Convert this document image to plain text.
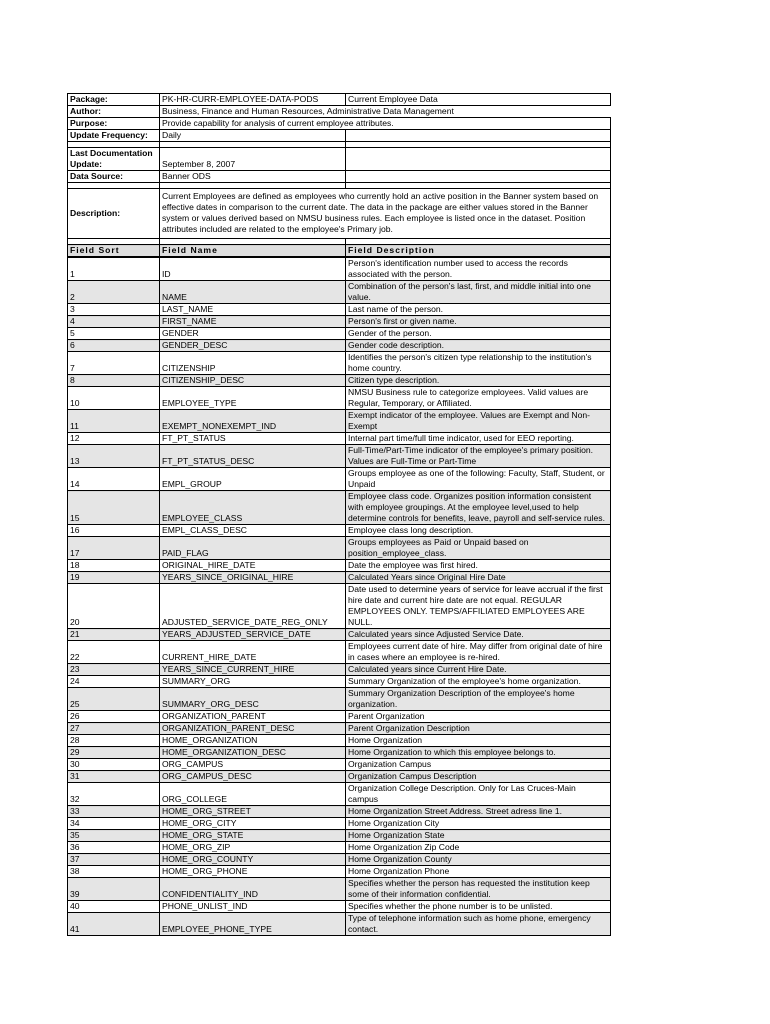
Package:	PK-HR-CURR-EMPLOYEE-DATA-PODS	Current Employee Data
Author:	Business, Finance and Human Resources, Administrative Data Management	
Purpose:	Provide capability for analysis of current employee attributes.	
Update Frequency:	Daily	

Last Documentation Update:	September 8, 2007	
Data Source:	Banner ODS	

Description:	Current Employees are defined as employees who currently hold an active position in the Banner system based on effective dates in comparison to the current date. The data in the package are either values stored in the Banner system or values derived based on NMSU business rules. Each employee is listed once in the dataset. Position attributes included are related to the employee's Primary job.	

Field Sort	Field Name	Field Description
1	ID	Person's identification number used to access the records associated with the person.
2	NAME	Combination of the person's last, first, and middle initial into one value.
3	LAST_NAME	Last name of the person.
4	FIRST_NAME	Person's first or given name.
5	GENDER	Gender of the person.
6	GENDER_DESC	Gender code description.
7	CITIZENSHIP	Identifies the person's citizen type relationship to the institution's home country.
8	CITIZENSHIP_DESC	Citizen type description.
10	EMPLOYEE_TYPE	NMSU Business rule to categorize employees. Valid values are Regular, Temporary, or Affiliated.
11	EXEMPT_NONEXEMPT_IND	Exempt indicator of the employee. Values are Exempt and Non-Exempt
12	FT_PT_STATUS	Internal part time/full time indicator, used for EEO reporting.
13	FT_PT_STATUS_DESC	Full-Time/Part-Time indicator of the employee's primary position. Values are Full-Time or Part-Time
14	EMPL_GROUP	Groups employee as one of the following: Faculty, Staff, Student, or Unpaid
15	EMPLOYEE_CLASS	Employee class code. Organizes position information consistent with employee groupings. At the employee level,used to help determine controls for benefits, leave, payroll and self-service rules.
16	EMPL_CLASS_DESC	Employee class long description.
17	PAID_FLAG	Groups employees as Paid or Unpaid based on position_employee_class.
18	ORIGINAL_HIRE_DATE	Date the employee was first hired.
19	YEARS_SINCE_ORIGINAL_HIRE	Calculated Years since Original Hire Date
20	ADJUSTED_SERVICE_DATE_REG_ONLY	Date used to determine years of service for leave accrual if the first hire date and current hire date are not equal. REGULAR EMPLOYEES ONLY. TEMPS/AFFILIATED EMPLOYEES ARE NULL.
21	YEARS_ADJUSTED_SERVICE_DATE	Calculated years since Adjusted Service Date.
22	CURRENT_HIRE_DATE	Employees current date of hire. May differ from original date of hire in cases where an employee is re-hired.
23	YEARS_SINCE_CURRENT_HIRE	Calculated years since Current Hire Date.
24	SUMMARY_ORG	Summary Organization of the employee's home organization.
25	SUMMARY_ORG_DESC	Summary Organization Description of the employee's home organization.
26	ORGANIZATION_PARENT	Parent Organization
27	ORGANIZATION_PARENT_DESC	Parent Organization Description
28	HOME_ORGANIZATION	Home Organization
29	HOME_ORGANIZATION_DESC	Home Organization to which this employee belongs to.
30	ORG_CAMPUS	Organization Campus
31	ORG_CAMPUS_DESC	Organization Campus Description
32	ORG_COLLEGE	Organization College Description. Only for Las Cruces-Main campus
33	HOME_ORG_STREET	Home Organization Street Address. Street adress line 1.
34	HOME_ORG_CITY	Home Organization City
35	HOME_ORG_STATE	Home Organization State
36	HOME_ORG_ZIP	Home Organization Zip Code
37	HOME_ORG_COUNTY	Home Organization County
38	HOME_ORG_PHONE	Home Organization Phone
39	CONFIDENTIALITY_IND	Specifies whether the person has requested the institution keep some of their information confidential.
40	PHONE_UNLIST_IND	Specifies whether the phone number is to be unlisted.
41	EMPLOYEE_PHONE_TYPE	Type of telephone information such as home phone, emergency contact.
